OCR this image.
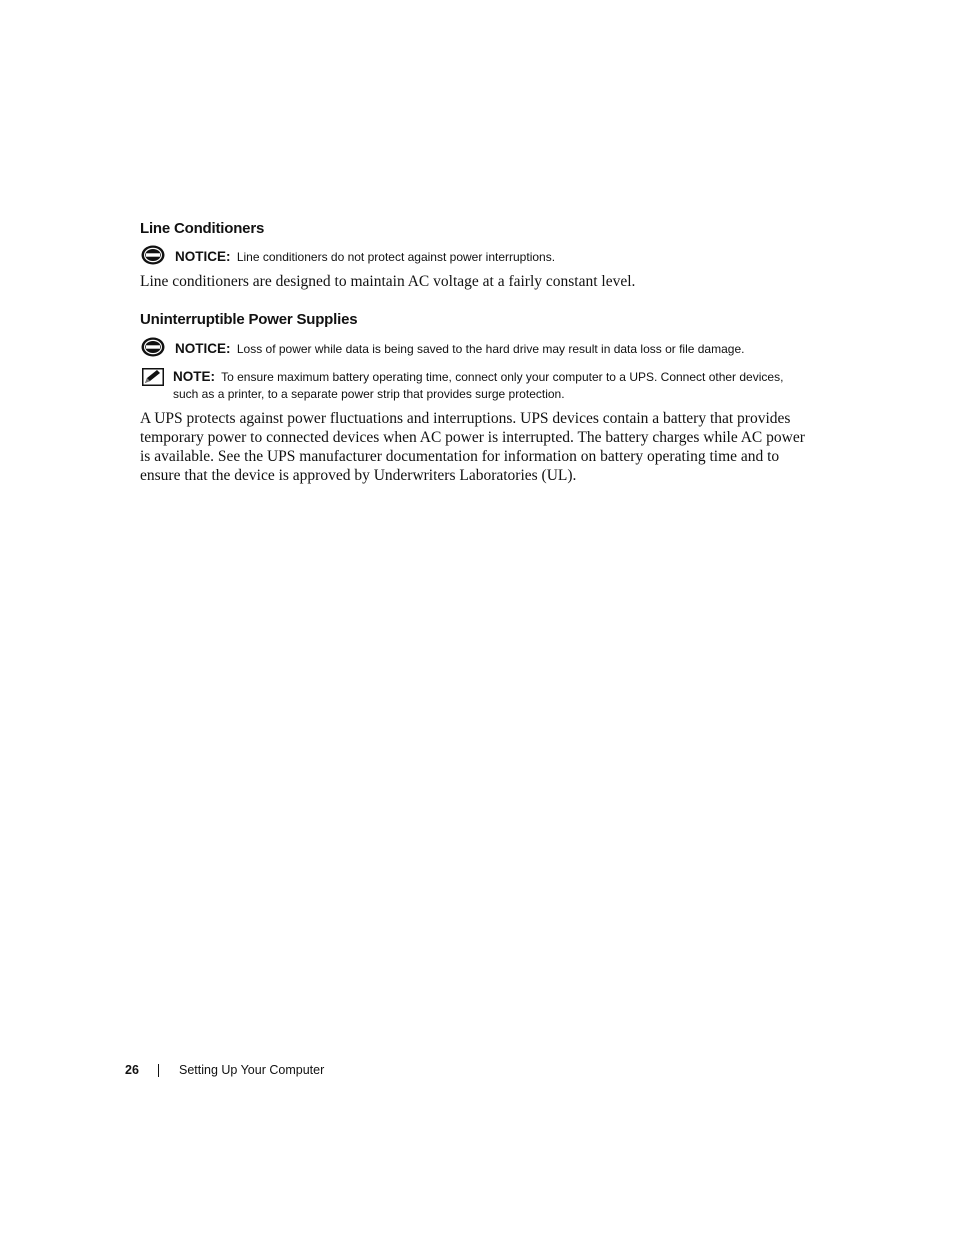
Line Conditioners
NOTICE: Line conditioners do not protect against power interruptions.

Line conditioners are designed to maintain AC voltage at a fairly constant level.

Uninterruptible Power Supplies
NOTICE: Loss of power while data is being saved to the hard drive may result in data loss or file damage.
NOTE: To ensure maximum battery operating time, connect only your computer to a UPS. Connect other devices, such as a printer, to a separate power strip that provides surge protection.

A UPS protects against power fluctuations and interruptions. UPS devices contain a battery that provides temporary power to connected devices when AC power is interrupted. The battery charges while AC power is available. See the UPS manufacturer documentation for information on battery operating time and to ensure that the device is approved by Underwriters Laboratories (UL).

26	Setting Up Your Computer
